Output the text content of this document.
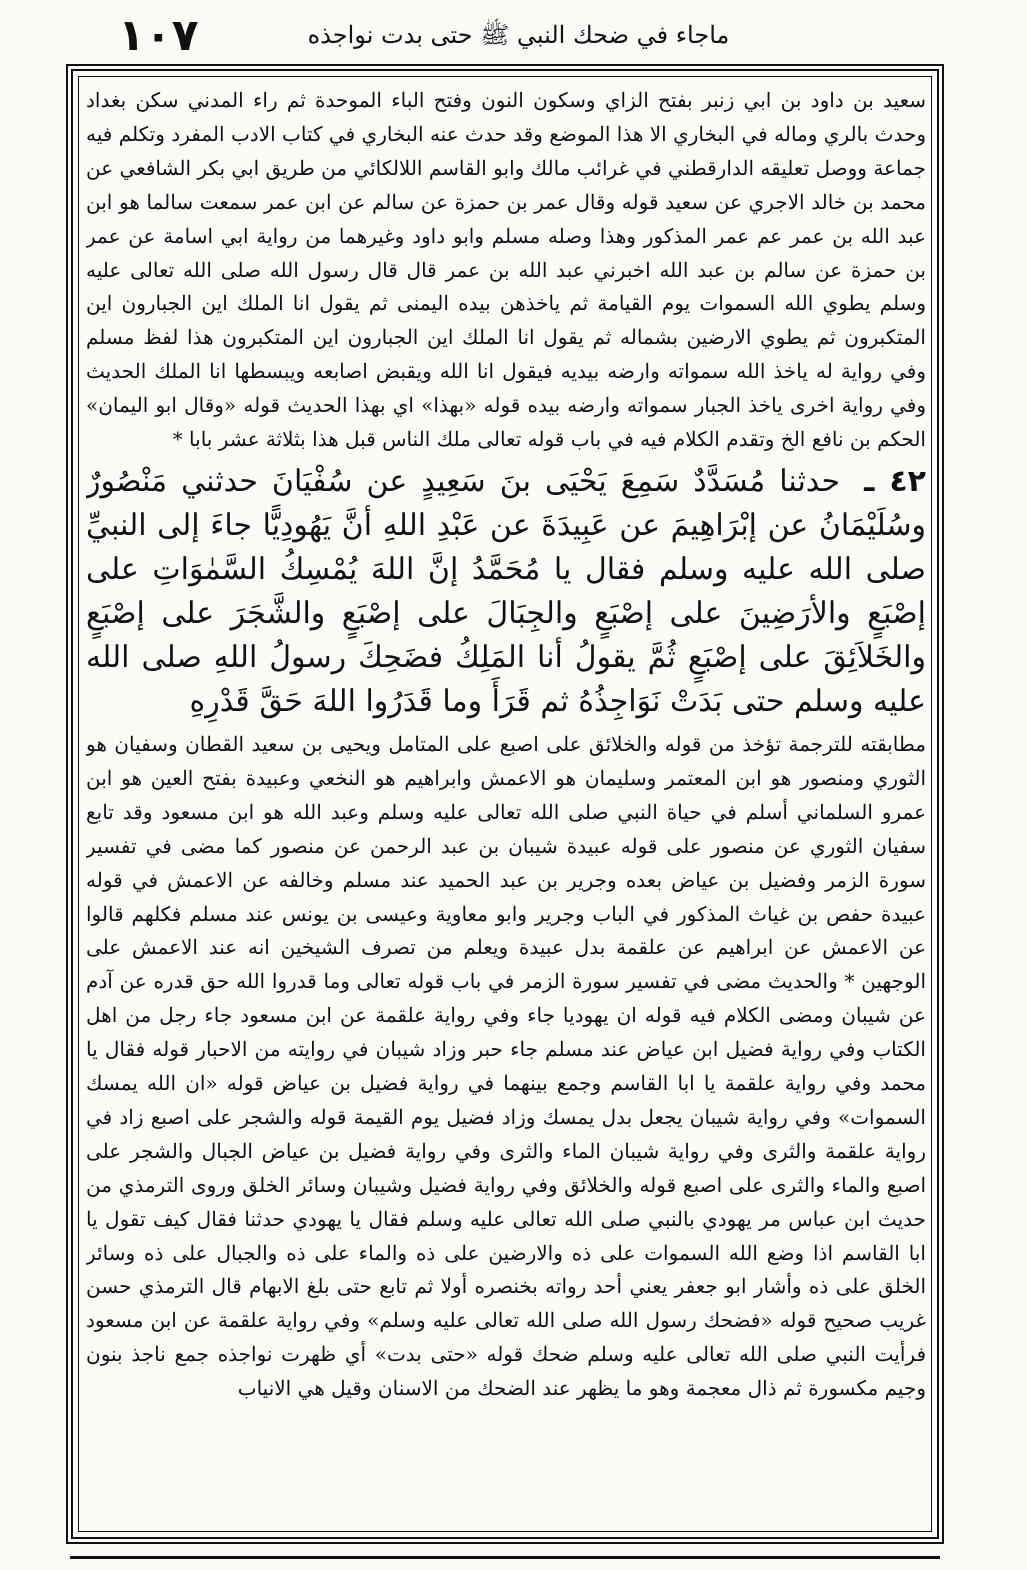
١٠٧	ماجاء في ضحك النبي ﷺ حتى بدت نواجذه

سعيد بن داود بن ابي زنبر بفتح الزاي وسكون النون وفتح الباء الموحدة ثم راء المدني سكن بغداد وحدث بالري وماله في البخاري الا هذا الموضع وقد حدث عنه البخاري في كتاب الادب المفرد وتكلم فيه جماعة ووصل تعليقه الدارقطني في غرائب مالك وابو القاسم اللالكائي من طريق ابي بكر الشافعي عن محمد بن خالد الاجري عن سعيد قوله وقال عمر بن حمزة عن سالم عن ابن عمر سمعت سالما هو ابن عبد الله بن عمر عم عمر المذكور وهذا وصله مسلم وابو داود وغيرهما من رواية ابي اسامة عن عمر بن حمزة عن سالم بن عبد الله اخبرني عبد الله بن عمر قال قال رسول الله صلى الله تعالى عليه وسلم يطوي الله السموات يوم القيامة ثم ياخذهن بيده اليمنى ثم يقول انا الملك اين الجبارون اين المتكبرون ثم يطوي الارضين بشماله ثم يقول انا الملك اين الجبارون اين المتكبرون هذا لفظ مسلم وفي رواية له ياخذ الله سمواته وارضه بيديه فيقول انا الله ويقبض اصابعه ويبسطها انا الملك الحديث وفي رواية اخرى ياخذ الجبار سمواته وارضه بيده قوله «بهذا» اي بهذا الحديث قوله «وقال ابو اليمان» الحكم بن نافع الخ وتقدم الكلام فيه في باب قوله تعالى ملك الناس قبل هذا بثلاثة عشر بابا *

٤٢ ـ حدثنا مُسَدَّدٌ سَمِعَ يَحْيَى بنَ سَعِيدٍ عن سُفْيَانَ حدثني مَنْصُورٌ وسُلَيْمَانُ عن إبْرَاهِيمَ عن عَبِيدَةَ عن عَبْدِ اللهِ أنَّ يَهُودِيًّا جاءَ إلى النبيِّ صلى الله عليه وسلم فقال يا مُحَمَّدُ إنَّ اللهَ يُمْسِكُ السَّمٰوَاتِ على إصْبَعٍ والأرَضِينَ على إصْبَعٍ والجِبَالَ على إصْبَعٍ والشَّجَرَ على إصْبَعٍ والخَلاَئِقَ على إصْبَعٍ ثُمَّ يقولُ أنا المَلِكُ فضَحِكَ رسولُ اللهِ صلى الله عليه وسلم حتى بَدَتْ نَوَاجِذُهُ ثم قَرَأَ وما قَدَرُوا اللهَ حَقَّ قَدْرِهِ

مطابقته للترجمة تؤخذ من قوله والخلائق على اصبع على المتامل ويحيى بن سعيد القطان وسفيان هو الثوري ومنصور هو ابن المعتمر وسليمان هو الاعمش وابراهيم هو النخعي وعبيدة بفتح العين هو ابن عمرو السلماني أسلم في حياة النبي صلى الله تعالى عليه وسلم وعبد الله هو ابن مسعود وقد تابع سفيان الثوري عن منصور على قوله عبيدة شيبان بن عبد الرحمن عن منصور كما مضى في تفسير سورة الزمر وفضيل بن عياض بعده وجرير بن عبد الحميد عند مسلم وخالفه عن الاعمش في قوله عبيدة حفص بن غياث المذكور في الباب وجرير وابو معاوية وعيسى بن يونس عند مسلم فكلهم قالوا عن الاعمش عن ابراهيم عن علقمة بدل عبيدة ويعلم من تصرف الشيخين انه عند الاعمش على الوجهين * والحديث مضى في تفسير سورة الزمر في باب قوله تعالى وما قدروا الله حق قدره عن آدم عن شيبان ومضى الكلام فيه قوله ان يهوديا جاء وفي رواية علقمة عن ابن مسعود جاء رجل من اهل الكتاب وفي رواية فضيل ابن عياض عند مسلم جاء حبر وزاد شيبان في روايته من الاحبار قوله فقال يا محمد وفي رواية علقمة يا ابا القاسم وجمع بينهما في رواية فضيل بن عياض قوله «ان الله يمسك السموات» وفي رواية شيبان يجعل بدل يمسك وزاد فضيل يوم القيمة قوله والشجر على اصبع زاد في رواية علقمة والثرى وفي رواية شيبان الماء والثرى وفي رواية فضيل بن عياض الجبال والشجر على اصبع والماء والثرى على اصبع قوله والخلائق وفي رواية فضيل وشيبان وسائر الخلق وروى الترمذي من حديث ابن عباس مر يهودي بالنبي صلى الله تعالى عليه وسلم فقال يا يهودي حدثنا فقال كيف تقول يا ابا القاسم اذا وضع الله السموات على ذه والارضين على ذه والماء على ذه والجبال على ذه وسائر الخلق على ذه وأشار ابو جعفر يعني أحد رواته بخنصره أولا ثم تابع حتى بلغ الابهام قال الترمذي حسن غريب صحيح قوله «فضحك رسول الله صلى الله تعالى عليه وسلم» وفي رواية علقمة عن ابن مسعود فرأيت النبي صلى الله تعالى عليه وسلم ضحك قوله «حتى بدت» أي ظهرت نواجذه جمع ناجذ بنون وجيم مكسورة ثم ذال معجمة وهو ما يظهر عند الضحك من الاسنان وقيل هي الانياب
